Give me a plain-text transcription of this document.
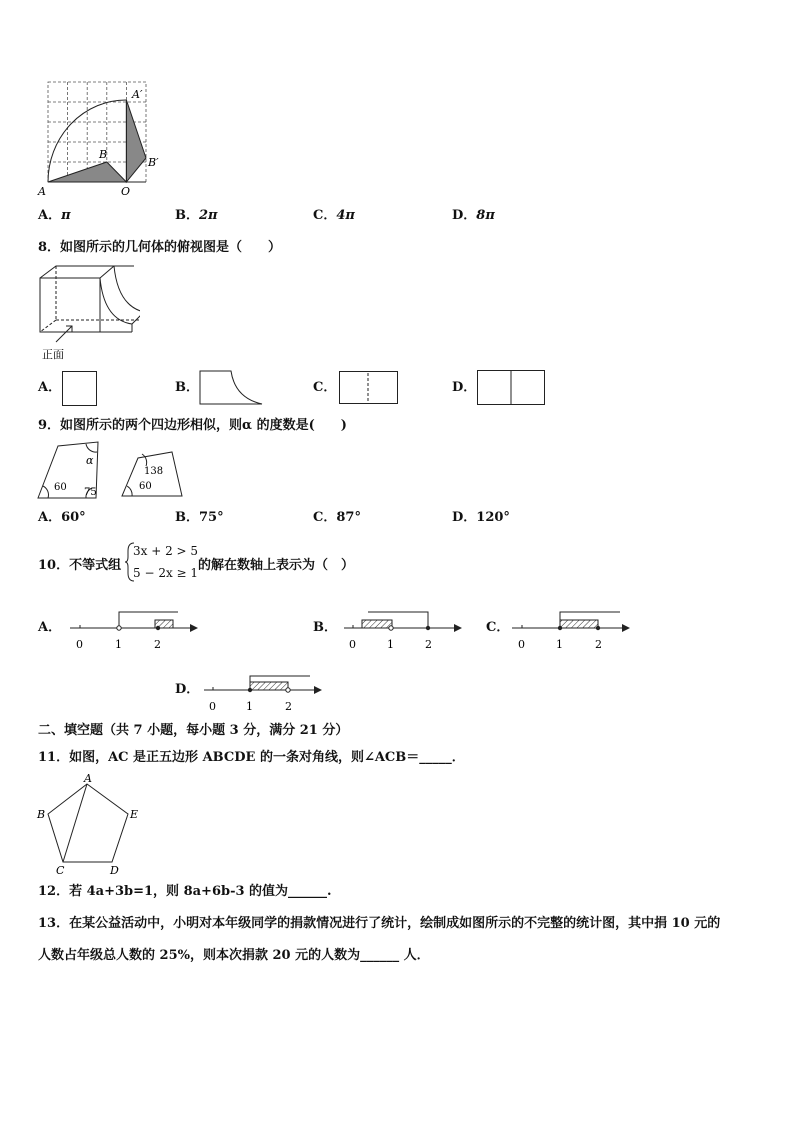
A	O
B
A′
B′
A．π	B．2π	C．4π	D．8π
8．如图所示的几何体的俯视图是（　　）
正面
A．	B．	C．	D．
9．如图所示的两个四边形相似，则α 的度数是(　　)
α
60 75
138
60
A．60°	B．75°	C．87°	D．120°
10．不等式组
3x + 2 > 5
5 − 2x ≥ 1 的解在数轴上表示为（　）
A．
0	1	2
B．
0	1	2
C．
0	1	2
D．
0	1	2
二、填空题（共 7 小题，每小题 3 分，满分 21 分）
11．如图，AC 是正五边形 ABCDE 的一条对角线，则∠ACB＝_____．
A
B
C	D
E
12．若 4a+3b=1，则 8a+6b-3 的值为______.
13．在某公益活动中，小明对本年级同学的捐款情况进行了统计，绘制成如图所示的不完整的统计图，其中捐 10 元的
人数占年级总人数的 25%，则本次捐款 20 元的人数为______ 人．
